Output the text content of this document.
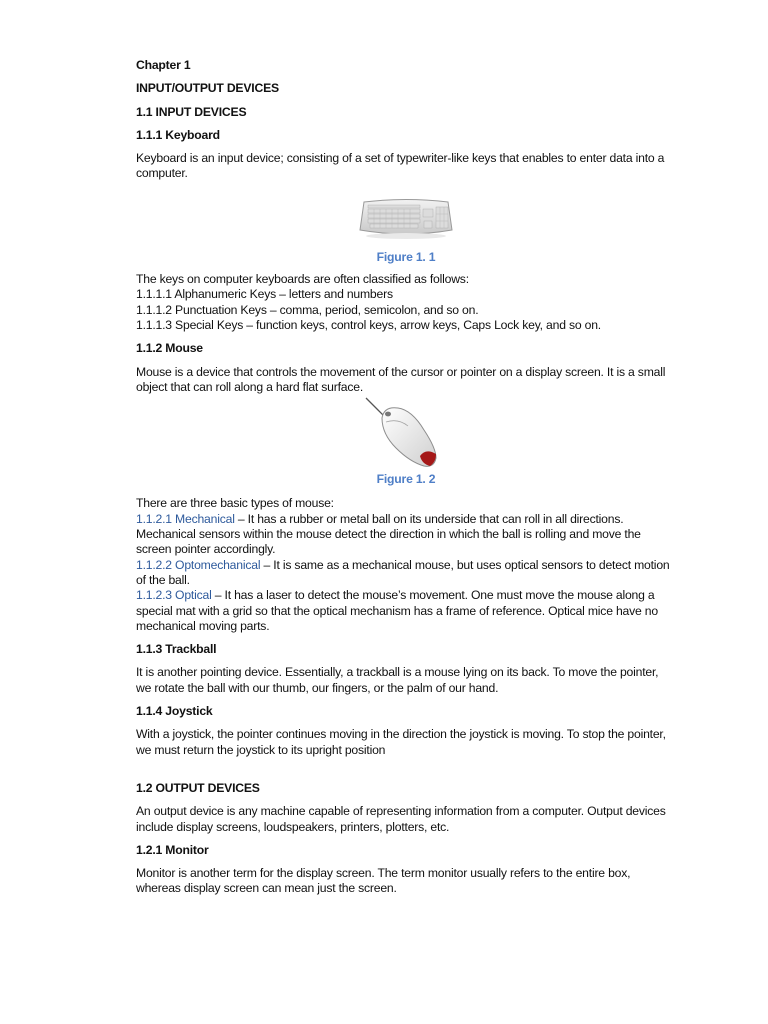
Chapter 1

INPUT/OUTPUT DEVICES

1.1 INPUT DEVICES

1.1.1 Keyboard

Keyboard is an input device; consisting of a set of typewriter-like keys that enables to enter data into a computer.

Figure 1. 1

The keys on computer keyboards are often classified as follows:

1.1.1.1 Alphanumeric Keys – letters and numbers

1.1.1.2 Punctuation Keys – comma, period, semicolon, and so on.

1.1.1.3 Special Keys – function keys, control keys, arrow keys, Caps Lock key, and so on.

1.1.2 Mouse

Mouse is a device that controls the movement of the cursor or pointer on a display screen. It is a small object that can roll along a hard flat surface.

Figure 1. 2

There are three basic types of mouse:

1.1.2.1 Mechanical – It has a rubber or metal ball on its underside that can roll in all directions. Mechanical sensors within the mouse detect the direction in which the ball is rolling and move the screen pointer accordingly.

1.1.2.2 Optomechanical – It is same as a mechanical mouse, but uses optical sensors to detect motion of the ball.

1.1.2.3 Optical – It has a laser to detect the mouse’s movement. One must move the mouse along a special mat with a grid so that the optical mechanism has a frame of reference. Optical mice have no mechanical moving parts.

1.1.3 Trackball

It is another pointing device. Essentially, a trackball is a mouse lying on its back. To move the pointer, we rotate the ball with our thumb, our fingers, or the palm of our hand.

1.1.4 Joystick

With a joystick, the pointer continues moving in the direction the joystick is moving. To stop the pointer, we must return the joystick to its upright position

1.2 OUTPUT DEVICES

An output device is any machine capable of representing information from a computer. Output devices include display screens, loudspeakers, printers, plotters, etc.

1.2.1 Monitor

Monitor is another term for the display screen. The term monitor usually refers to the entire box, whereas display screen can mean just the screen.
